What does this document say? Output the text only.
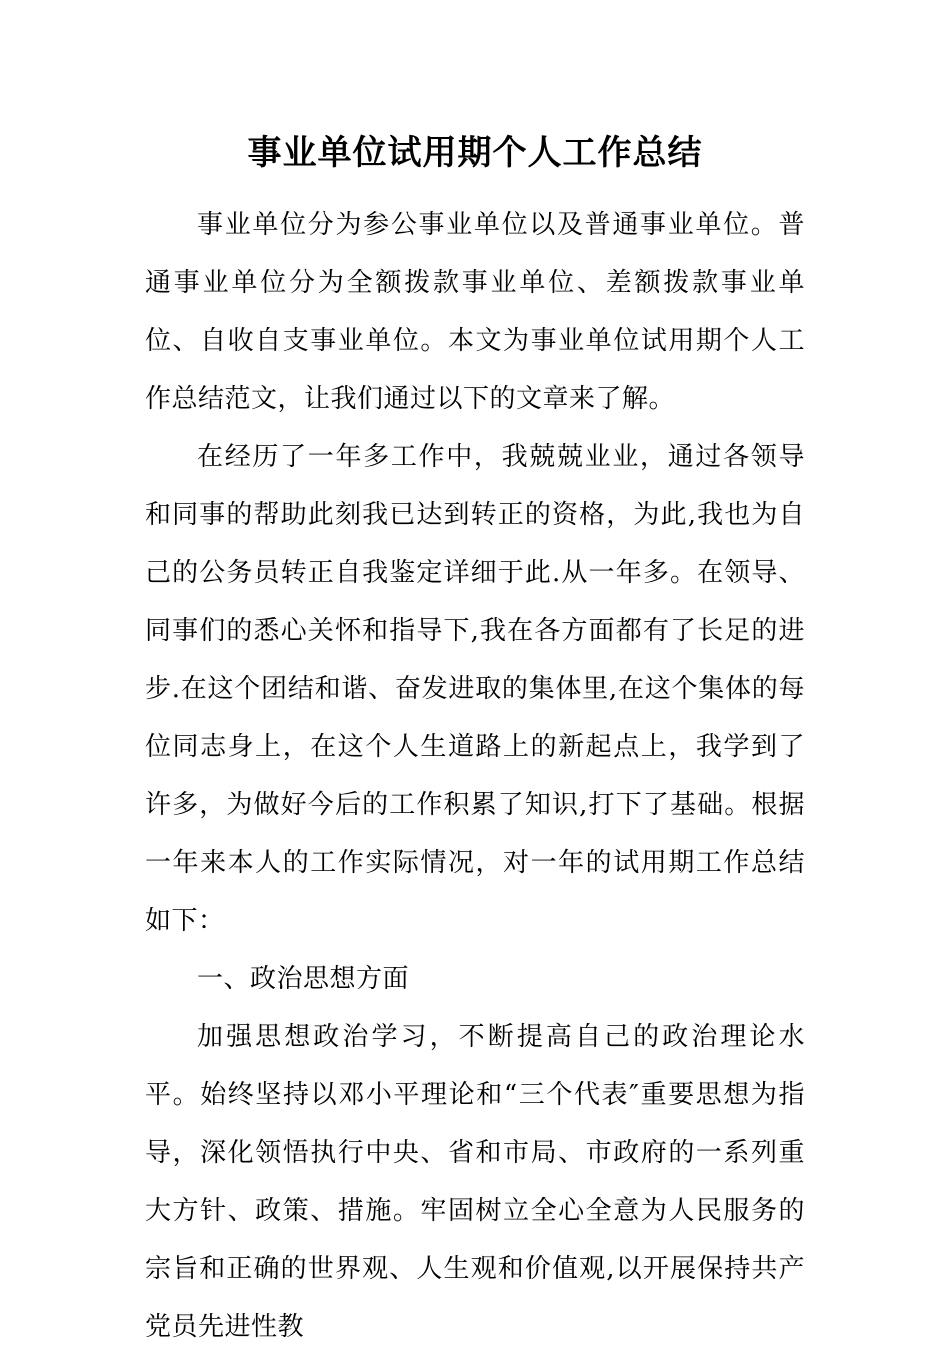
事业单位试用期个人工作总结

事业单位分为参公事业单位以及普通事业单位。普通事业单位分为全额拨款事业单位、差额拨款事业单位、自收自支事业单位。本文为事业单位试用期个人工作总结范文，让我们通过以下的文章来了解。

在经历了一年多工作中，我兢兢业业，通过各领导和同事的帮助此刻我已达到转正的资格，为此,我也为自己的公务员转正自我鉴定详细于此.从一年多。在领导、同事们的悉心关怀和指导下,我在各方面都有了长足的进步.在这个团结和谐、奋发进取的集体里,在这个集体的每位同志身上，在这个人生道路上的新起点上，我学到了许多，为做好今后的工作积累了知识,打下了基础。根据一年来本人的工作实际情况，对一年的试用期工作总结如下：

一、政治思想方面

加强思想政治学习，不断提高自己的政治理论水平。始终坚持以邓小平理论和“三个代表″重要思想为指导，深化领悟执行中央、省和市局、市政府的一系列重大方针、政策、措施。牢固树立全心全意为人民服务的宗旨和正确的世界观、人生观和价值观,以开展保持共产党员先进性教
